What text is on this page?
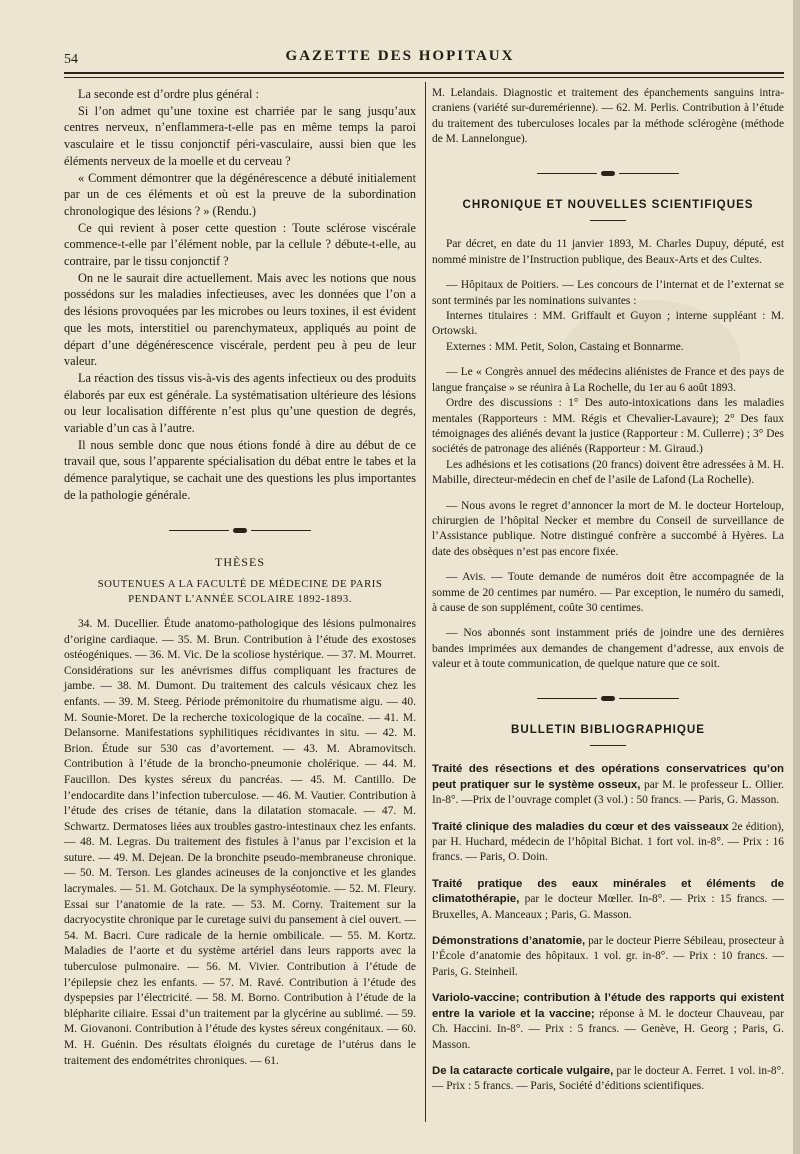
54	GAZETTE DES HOPITAUX

La seconde est d’ordre plus général :

Si l’on admet qu’une toxine est charriée par le sang jusqu’aux centres nerveux, n’enflammera-t-elle pas en même temps la paroi vasculaire et le tissu conjonctif péri-vasculaire, aussi bien que les éléments nerveux de la moelle et du cerveau ?

« Comment démontrer que la dégénérescence a débuté initialement par un de ces éléments et où est la preuve de la subordination chronologique des lésions ? » (Rendu.)

Ce qui revient à poser cette question : Toute sclérose viscérale commence-t-elle par l’élément noble, par la cellule ? débute-t-elle, au contraire, par le tissu conjonctif ?

On ne le saurait dire actuellement. Mais avec les notions que nous possédons sur les maladies infectieuses, avec les données que l’on a des lésions provoquées par les microbes ou leurs toxines, il est évident que les mots, interstitiel ou parenchymateux, appliqués au point de départ d’une dégénérescence viscérale, perdent peu à peu de leur valeur.

La réaction des tissus vis-à-vis des agents infectieux ou des produits élaborés par eux est générale. La systématisation ultérieure des lésions ou leur localisation différente n’est plus qu’une question de degrés, variable d’un cas à l’autre.

Il nous semble donc que nous étions fondé à dire au début de ce travail que, sous l’apparente spécialisation du débat entre le tabes et la démence paralytique, se cachait une des questions les plus importantes de la pathologie générale.

THÈSES
SOUTENUES A LA FACULTÉ DE MÉDECINE DE PARIS
PENDANT L’ANNÉE SCOLAIRE 1892-1893.

34. M. Ducellier. Étude anatomo-pathologique des lésions pulmonaires d’origine cardiaque. — 35. M. Brun. Contribution à l’étude des exostoses ostéogéniques. — 36. M. Vic. De la scoliose hystérique. — 37. M. Mourret. Considérations sur les anévrismes diffus compliquant les fractures de jambe. — 38. M. Dumont. Du traitement des calculs vésicaux chez les enfants. — 39. M. Steeg. Période prémonitoire du rhumatisme aigu. — 40. M. Sounie-Moret. De la recherche toxicologique de la cocaïne. — 41. M. Delansorne. Manifestations syphilitiques récidivantes in situ. — 42. M. Brion. Étude sur 530 cas d’avortement. — 43. M. Abramovitsch. Contribution à l’étude de la broncho-pneumonie cholérique. — 44. M. Faucillon. Des kystes séreux du pancréas. — 45. M. Cantillo. De l’endocardite dans l’infection tuberculose. — 46. M. Vautier. Contribution à l’étude des crises de tétanie, dans la dilatation stomacale. — 47. M. Schwartz. Dermatoses liées aux troubles gastro-intestinaux chez les enfants. — 48. M. Legras. Du traitement des fistules à l’anus par l’excision et la suture. — 49. M. Dejean. De la bronchite pseudo-membraneuse chronique. — 50. M. Terson. Les glandes acineuses de la conjonctive et les glandes lacrymales. — 51. M. Gotchaux. De la symphyséotomie. — 52. M. Fleury. Essai sur l’anatomie de la rate. — 53. M. Corny. Traitement sur la dacryocystite chronique par le curetage suivi du pansement à ciel ouvert. — 54. M. Bacri. Cure radicale de la hernie ombilicale. — 55. M. Kortz. Maladies de l’aorte et du système artériel dans leurs rapports avec la tuberculose pulmonaire. — 56. M. Vivier. Contribution à l’étude de l’épilepsie chez les enfants. — 57. M. Ravé. Contribution à l’étude des dyspepsies par l’électricité. — 58. M. Borno. Contribution à l’étude de la blépharite ciliaire. Essai d’un traitement par la glycérine au sublimé. — 59. M. Giovanoni. Contribution à l’étude des kystes séreux congénitaux. — 60. M. H. Guénin. Des résultats éloignés du curetage de l’utérus dans le traitement des endométrites chroniques. — 61.

M. Lelandais. Diagnostic et traitement des épanchements sanguins intra-craniens (variété sur-duremérienne). — 62. M. Perlis. Contribution à l’étude du traitement des tuberculoses locales par la méthode sclérogène (méthode de M. Lannelongue).

CHRONIQUE ET NOUVELLES SCIENTIFIQUES

Par décret, en date du 11 janvier 1893, M. Charles Dupuy, député, est nommé ministre de l’Instruction publique, des Beaux-Arts et des Cultes.

— Hôpitaux de Poitiers. — Les concours de l’internat et de l’externat se sont terminés par les nominations suivantes :

Internes titulaires : MM. Griffault et Guyon ; interne suppléant : M. Ortowski.

Externes : MM. Petit, Solon, Castaing et Bonnarme.

— Le « Congrès annuel des médecins aliénistes de France et des pays de langue française » se réunira à La Rochelle, du 1er au 6 août 1893.

Ordre des discussions : 1° Des auto-intoxications dans les maladies mentales (Rapporteurs : MM. Régis et Chevalier-Lavaure); 2° Des faux témoignages des aliénés devant la justice (Rapporteur : M. Cullerre) ; 3° Des sociétés de patronage des aliénés (Rapporteur : M. Giraud.)

Les adhésions et les cotisations (20 francs) doivent être adressées à M. H. Mabille, directeur-médecin en chef de l’asile de Lafond (La Rochelle).

— Nous avons le regret d’annoncer la mort de M. le docteur Horteloup, chirurgien de l’hôpital Necker et membre du Conseil de surveillance de l’Assistance publique. Notre distingué confrère a succombé à Hyères. La date des obsèques n’est pas encore fixée.

— Avis. — Toute demande de numéros doit être accompagnée de la somme de 20 centimes par numéro. — Par exception, le numéro du samedi, à cause de son supplément, coûte 30 centimes.

— Nos abonnés sont instamment priés de joindre une des dernières bandes imprimées aux demandes de changement d’adresse, aux envois de valeur et à toute communication, de quelque nature que ce soit.

BULLETIN BIBLIOGRAPHIQUE

Traité des résections et des opérations conservatrices qu’on peut pratiquer sur le système osseux, par M. le professeur L. Ollier. In-8°. —Prix de l’ouvrage complet (3 vol.) : 50 francs. — Paris, G. Masson.

Traité clinique des maladies du cœur et des vaisseaux 2e édition), par H. Huchard, médecin de l’hôpital Bichat. 1 fort vol. in-8°. — Prix : 16 francs. — Paris, O. Doin.

Traité pratique des eaux minérales et éléments de climatothérapie, par le docteur Mœller. In-8°. — Prix : 15 francs. — Bruxelles, A. Manceaux ; Paris, G. Masson.

Démonstrations d’anatomie, par le docteur Pierre Sébileau, prosecteur à l’École d’anatomie des hôpitaux. 1 vol. gr. in-8°. — Prix : 10 francs. — Paris, G. Steinheil.

Variolo-vaccine; contribution à l’étude des rapports qui existent entre la variole et la vaccine; réponse à M. le docteur Chauveau, par Ch. Haccini. In-8°. — Prix : 5 francs. — Genève, H. Georg ; Paris, G. Masson.

De la cataracte corticale vulgaire, par le docteur A. Ferret. 1 vol. in-8°. — Prix : 5 francs. — Paris, Société d’éditions scientifiques.
